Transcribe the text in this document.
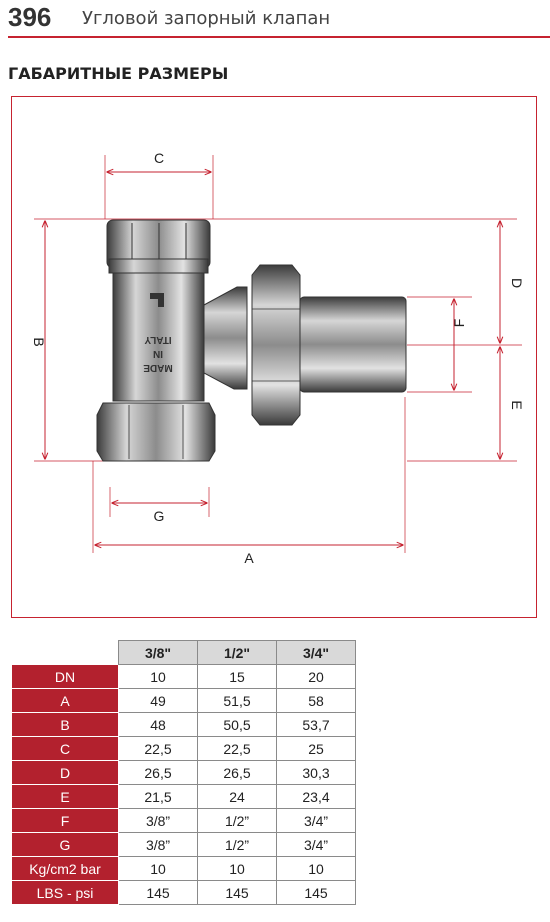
396 Угловой запорный клапан
ГАБАРИТНЫЕ РАЗМЕРЫ
C
B
D
E
F
G
A
ITALY
IN
MADE
	3/8"	1/2"	3/4"
DN	10	15	20
A	49	51,5	58
B	48	50,5	53,7
C	22,5	22,5	25
D	26,5	26,5	30,3
E	21,5	24	23,4
F	3/8”	1/2”	3/4”
G	3/8”	1/2”	3/4”
Kg/cm2 bar	10	10	10
LBS - psi	145	145	145
